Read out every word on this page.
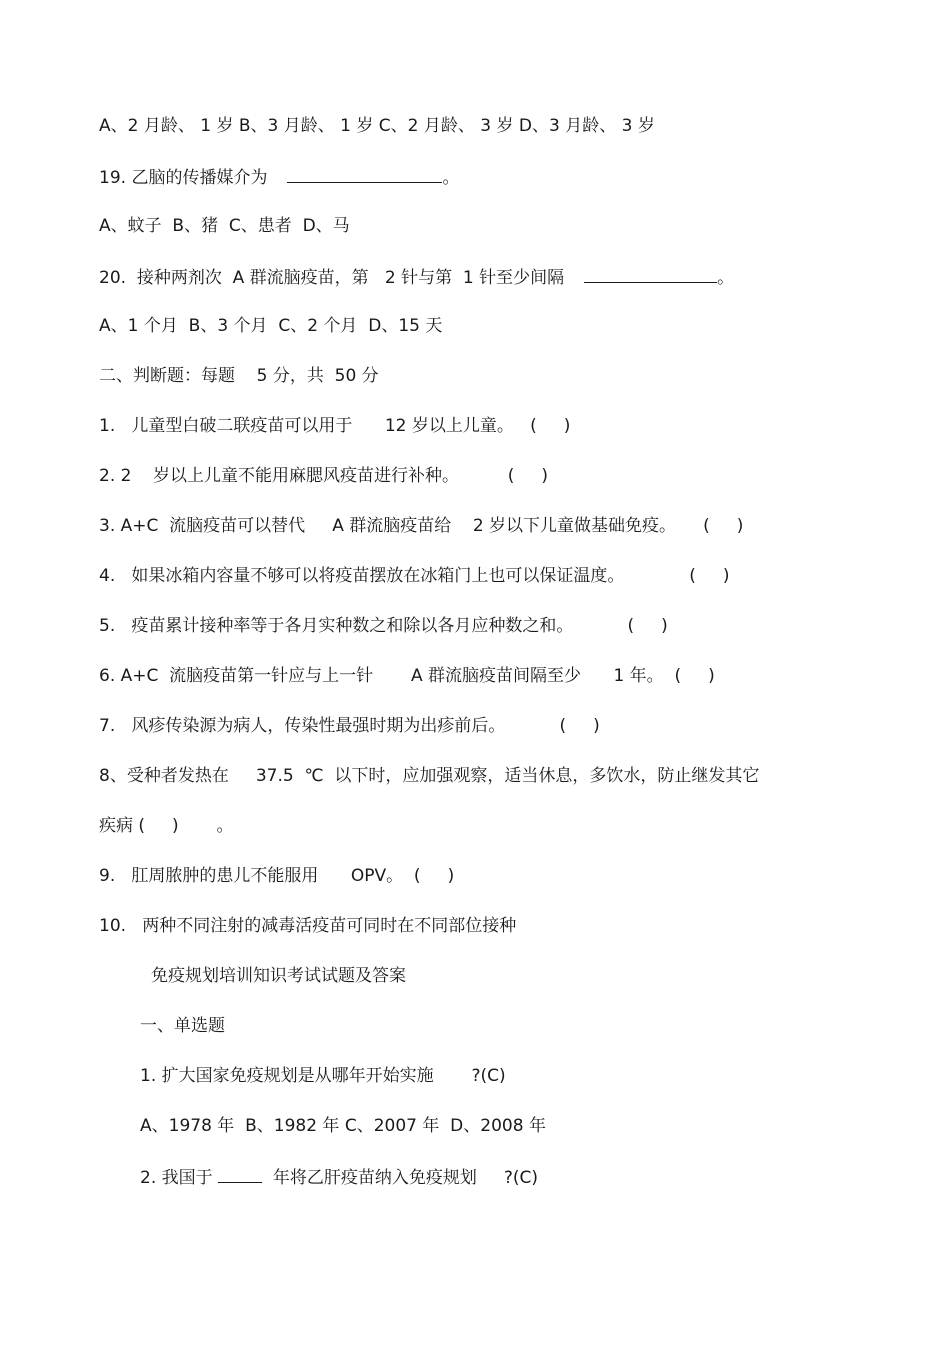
A、2 月龄、 1 岁 B、3 月龄、 1 岁 C、2 月龄、 3 岁 D、3 月龄、 3 岁
19. 乙脑的传播媒介为	。
A、蚊子  B、猪  C、患者  D、马
20.  接种两剂次  A 群流脑疫苗，第   2 针与第  1 针至少间隔	。
A、1 个月  B、3 个月  C、2 个月  D、15 天
二、判断题：每题    5 分，共  50 分
1.   儿童型白破二联疫苗可以用于      12 岁以上儿童。   (     )
2. 2    岁以上儿童不能用麻腮风疫苗进行补种。         (     )
3. A+C  流脑疫苗可以替代     A 群流脑疫苗给    2 岁以下儿童做基础免疫。     (     )
4.   如果冰箱内容量不够可以将疫苗摆放在冰箱门上也可以保证温度。            (     )
5.   疫苗累计接种率等于各月实种数之和除以各月应种数之和。          (     )
6. A+C  流脑疫苗第一针应与上一针       A 群流脑疫苗间隔至少      1 年。  (     )
7.   风疹传染源为病人，传染性最强时期为出疹前后。          (     )
8、受种者发热在     37.5  ℃  以下时，应加强观察，适当休息，多饮水，防止继发其它
疾病 (     )       。
9.   肛周脓肿的患儿不能服用      OPV。  (     )
10.   两种不同注射的减毒活疫苗可同时在不同部位接种
免疫规划培训知识考试试题及答案
一、单选题
1. 扩大国家免疫规划是从哪年开始实施       ?(C)
A、1978 年  B、1982 年 C、2007 年  D、2008 年
2. 我国于	年将乙肝疫苗纳入免疫规划     ?(C)
